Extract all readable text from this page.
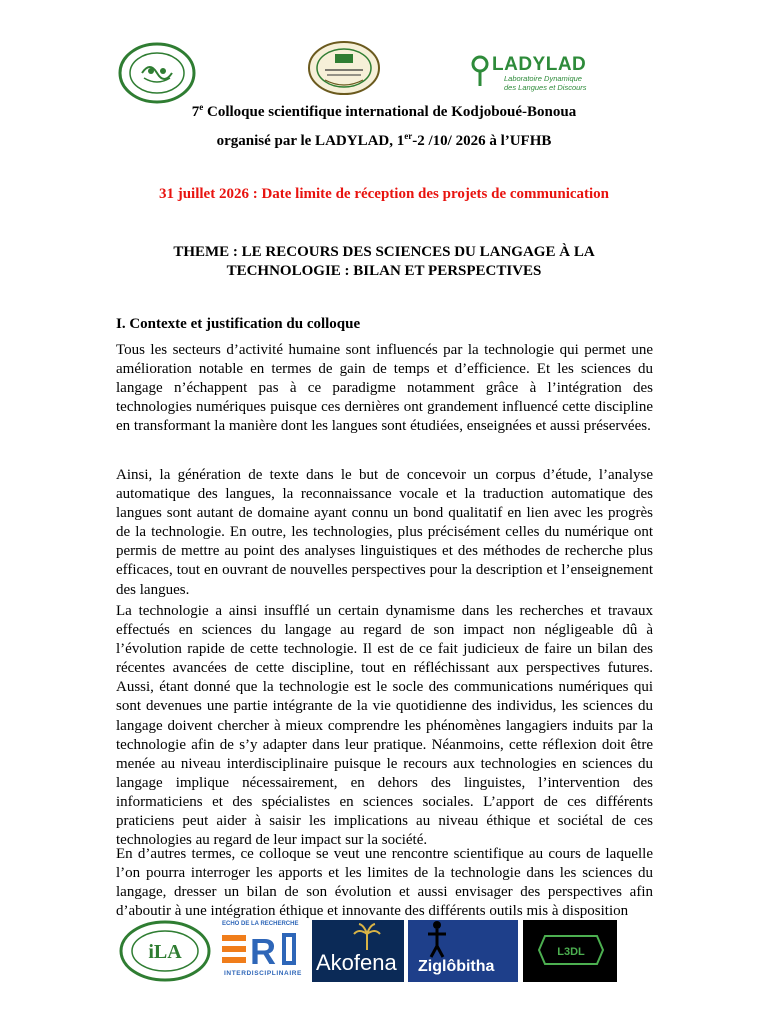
LADYLAD
Laboratoire Dynamique des Langues et Discours
7e Colloque scientifique international de Kodjoboué-Bonoua
organisé par le LADYLAD, 1er-2 /10/ 2026 à l’UFHB
31 juillet 2026 : Date limite de réception des projets de communication
THEME : LE RECOURS DES SCIENCES DU LANGAGE À LA TECHNOLOGIE : BILAN ET PERSPECTIVES
I. Contexte et justification du colloque

Tous les secteurs d’activité humaine sont influencés par la technologie qui permet une amélioration notable en termes de gain de temps et d’efficience. Et les sciences du langage n’échappent pas à ce paradigme notamment grâce à l’intégration des technologies numériques puisque ces dernières ont grandement influencé cette discipline en transformant la manière dont les langues sont étudiées, enseignées et aussi préservées.

Ainsi, la génération de texte dans le but de concevoir un corpus d’étude, l’analyse automatique des langues, la reconnaissance vocale et la traduction automatique des langues sont autant de domaine ayant connu un bond qualitatif en lien avec les progrès de la technologie. En outre, les technologies, plus précisément celles du numérique ont permis de mettre au point des analyses linguistiques et des méthodes de recherche plus efficaces, tout en ouvrant de nouvelles perspectives pour la description et l’enseignement des langues.

La technologie a ainsi insufflé un certain dynamisme dans les recherches et travaux effectués en sciences du langage au regard de son impact non négligeable dû à l’évolution rapide de cette technologie. Il est de ce fait judicieux de faire un bilan des récentes avancées de cette discipline, tout en réfléchissant aux perspectives futures. Aussi, étant donné que la technologie est le socle des communications numériques qui sont devenues une partie intégrante de la vie quotidienne des individus, les sciences du langage doivent chercher à mieux comprendre les phénomènes langagiers induits par la technologie afin de s’y adapter dans leur pratique. Néanmoins, cette réflexion doit être menée au niveau interdisciplinaire puisque le recours aux technologies en sciences du langage implique nécessairement, en dehors des linguistes, l’intervention des informaticiens et des spécialistes en sciences sociales. L’apport de ces différents praticiens peut aider à saisir les implications au niveau éthique et sociétal de ces technologies au regard de leur impact sur la société.

En d’autres termes, ce colloque se veut une rencontre scientifique au cours de laquelle l’on pourra interroger les apports et les limites de la technologie dans les sciences du langage, dresser un bilan de son évolution et aussi envisager des perspectives afin d’aboutir à une intégration éthique et innovante des différents outils mis à disposition

iLA
ECHO DE LA RECHERCHE
R
INTERDISCIPLINAIRE Akofena Ziglôbitha
L3DL
